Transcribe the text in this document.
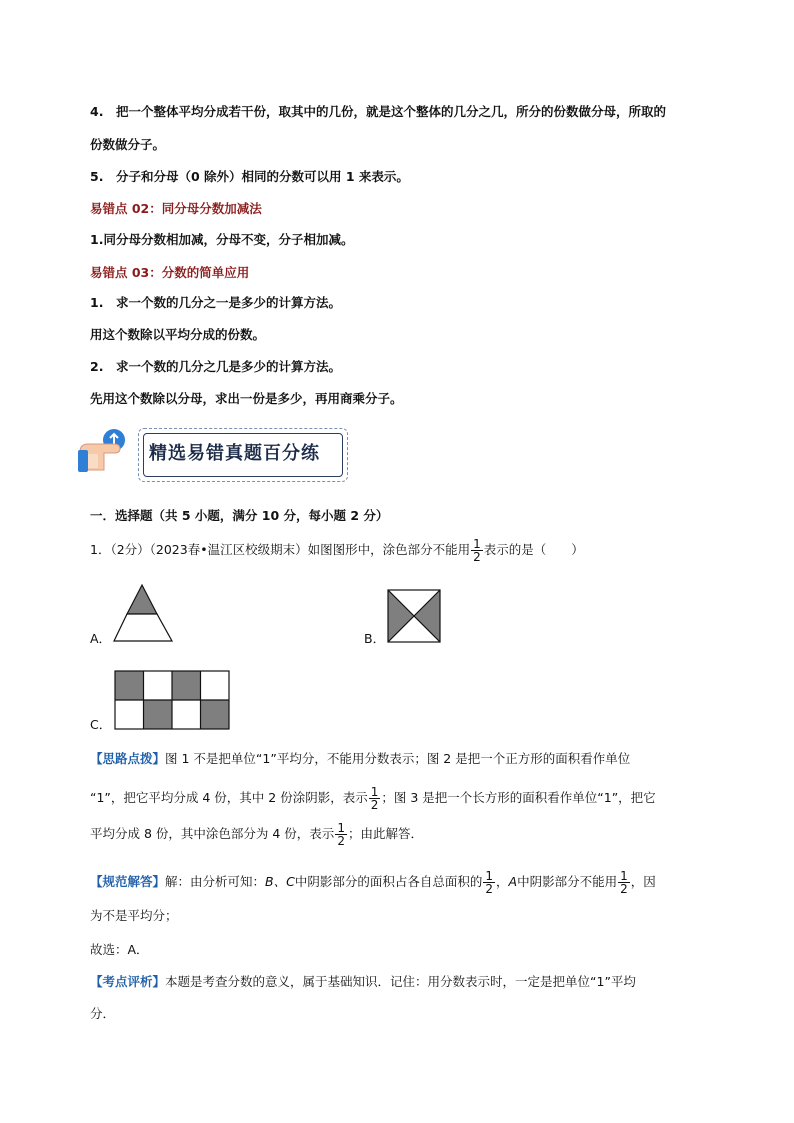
4.　把一个整体平均分成若干份，取其中的几份，就是这个整体的几分之几，所分的份数做分母，所取的
份数做分子。
5.　分子和分母（0 除外）相同的分数可以用 1 来表示。
易错点 02：同分母分数加减法
1.同分母分数相加减，分母不变，分子相加减。
易错点 03：分数的简单应用
1.　求一个数的几分之一是多少的计算方法。
用这个数除以平均分成的份数。
2.　求一个数的几分之几是多少的计算方法。
先用这个数除以分母，求出一份是多少，再用商乘分子。
精选易错真题百分练
一．选择题（共 5 小题，满分 10 分，每小题 2 分）
1．（2分）（2023春•温江区校级期末）如图图形中，涂色部分不能用 $\frac{1}{2}$ 表示的是（　　）
A．	B．
C．
【思路点拨】图 1 不是把单位“1”平均分，不能用分数表示；图 2 是把一个正方形的面积看作单位
“1”，把它平均分成 4 份，其中 2 份涂阴影，表示 $\frac{1}{2}$ ；图 3 是把一个长方形的面积看作单位“1”，把它
平均分成 8 份，其中涂色部分为 4 份，表示 $\frac{1}{2}$ ；由此解答．
【规范解答】解：由分析可知：B、C中阴影部分的面积占各自总面积的 $\frac{1}{2}$ ，A中阴影部分不能用 $\frac{1}{2}$ ，因
为不是平均分；
故选：A．
【考点评析】本题是考查分数的意义，属于基础知识．记住：用分数表示时，一定是把单位“1”平均
分．
